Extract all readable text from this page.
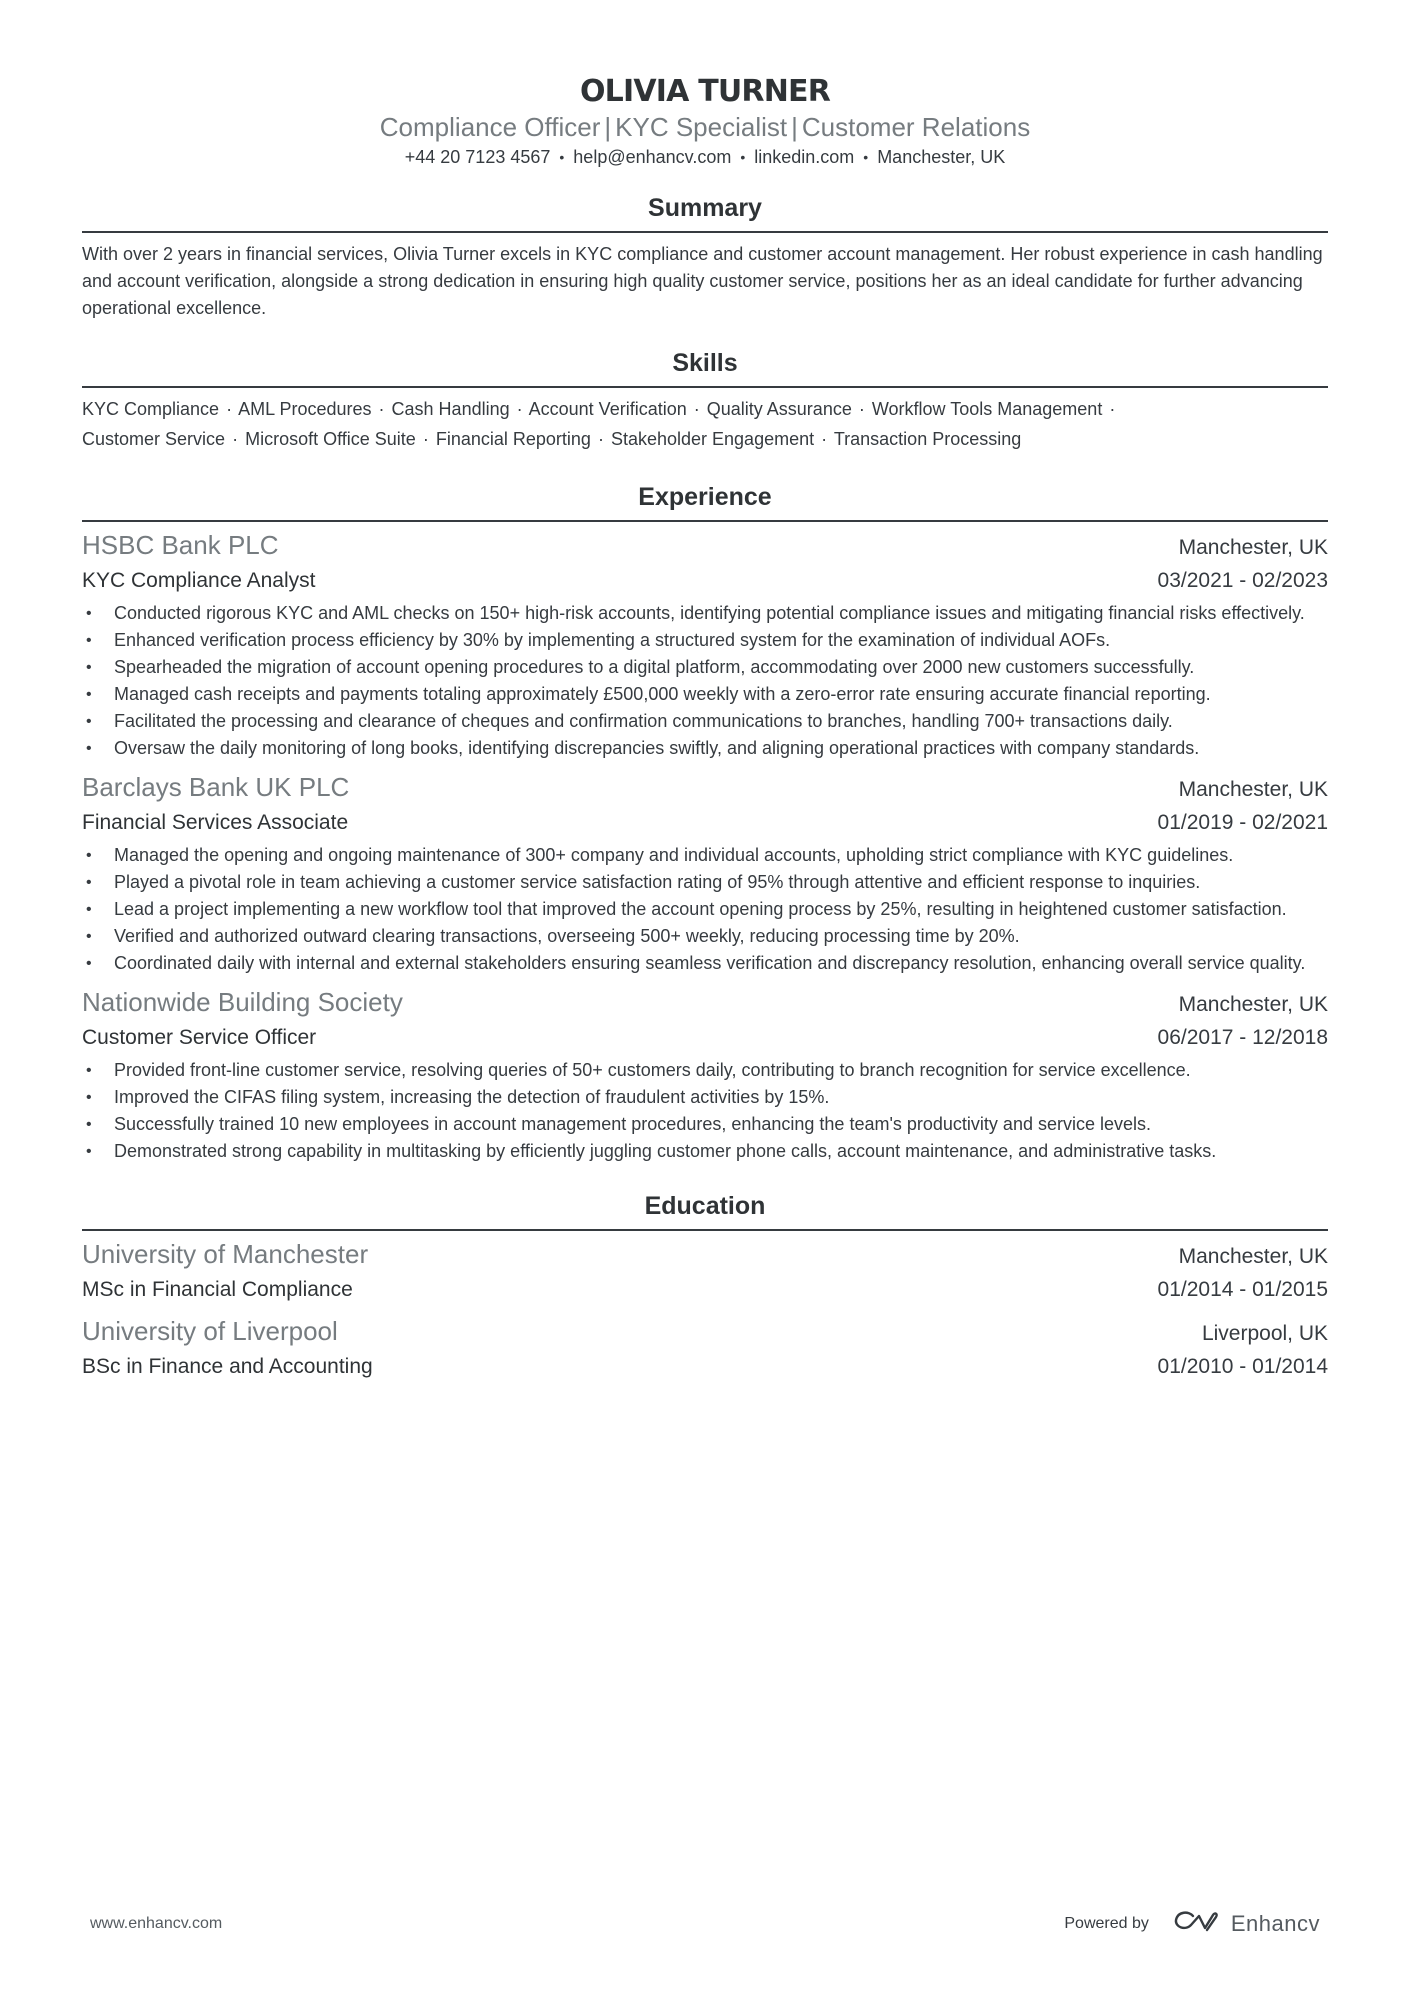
OLIVIA TURNER
Compliance Officer | KYC Specialist | Customer Relations
+44 20 7123 4567 • help@enhancv.com • linkedin.com • Manchester, UK
Summary

With over 2 years in financial services, Olivia Turner excels in KYC compliance and customer account management. Her robust experience in cash handling and account verification, alongside a strong dedication in ensuring high quality customer service, positions her as an ideal candidate for further advancing operational excellence.

Skills
KYC Compliance · AML Procedures · Cash Handling · Account Verification · Quality Assurance · Workflow Tools Management ·
Customer Service · Microsoft Office Suite · Financial Reporting · Stakeholder Engagement · Transaction Processing
Experience
HSBC Bank PLC	Manchester, UK
KYC Compliance Analyst	03/2021 - 02/2023
• Conducted rigorous KYC and AML checks on 150+ high-risk accounts, identifying potential compliance issues and mitigating financial risks effectively.
• Enhanced verification process efficiency by 30% by implementing a structured system for the examination of individual AOFs.
• Spearheaded the migration of account opening procedures to a digital platform, accommodating over 2000 new customers successfully.
• Managed cash receipts and payments totaling approximately £500,000 weekly with a zero-error rate ensuring accurate financial reporting.
• Facilitated the processing and clearance of cheques and confirmation communications to branches, handling 700+ transactions daily.
• Oversaw the daily monitoring of long books, identifying discrepancies swiftly, and aligning operational practices with company standards.
Barclays Bank UK PLC	Manchester, UK
Financial Services Associate	01/2019 - 02/2021
• Managed the opening and ongoing maintenance of 300+ company and individual accounts, upholding strict compliance with KYC guidelines.
• Played a pivotal role in team achieving a customer service satisfaction rating of 95% through attentive and efficient response to inquiries.
• Lead a project implementing a new workflow tool that improved the account opening process by 25%, resulting in heightened customer satisfaction.
• Verified and authorized outward clearing transactions, overseeing 500+ weekly, reducing processing time by 20%.
• Coordinated daily with internal and external stakeholders ensuring seamless verification and discrepancy resolution, enhancing overall service quality.
Nationwide Building Society	Manchester, UK
Customer Service Officer	06/2017 - 12/2018
• Provided front-line customer service, resolving queries of 50+ customers daily, contributing to branch recognition for service excellence.
• Improved the CIFAS filing system, increasing the detection of fraudulent activities by 15%.
• Successfully trained 10 new employees in account management procedures, enhancing the team's productivity and service levels.
• Demonstrated strong capability in multitasking by efficiently juggling customer phone calls, account maintenance, and administrative tasks.
Education
University of Manchester	Manchester, UK
MSc in Financial Compliance	01/2014 - 01/2015
University of Liverpool	Liverpool, UK
BSc in Finance and Accounting	01/2010 - 01/2014
www.enhancv.com	Powered by	Enhancv
